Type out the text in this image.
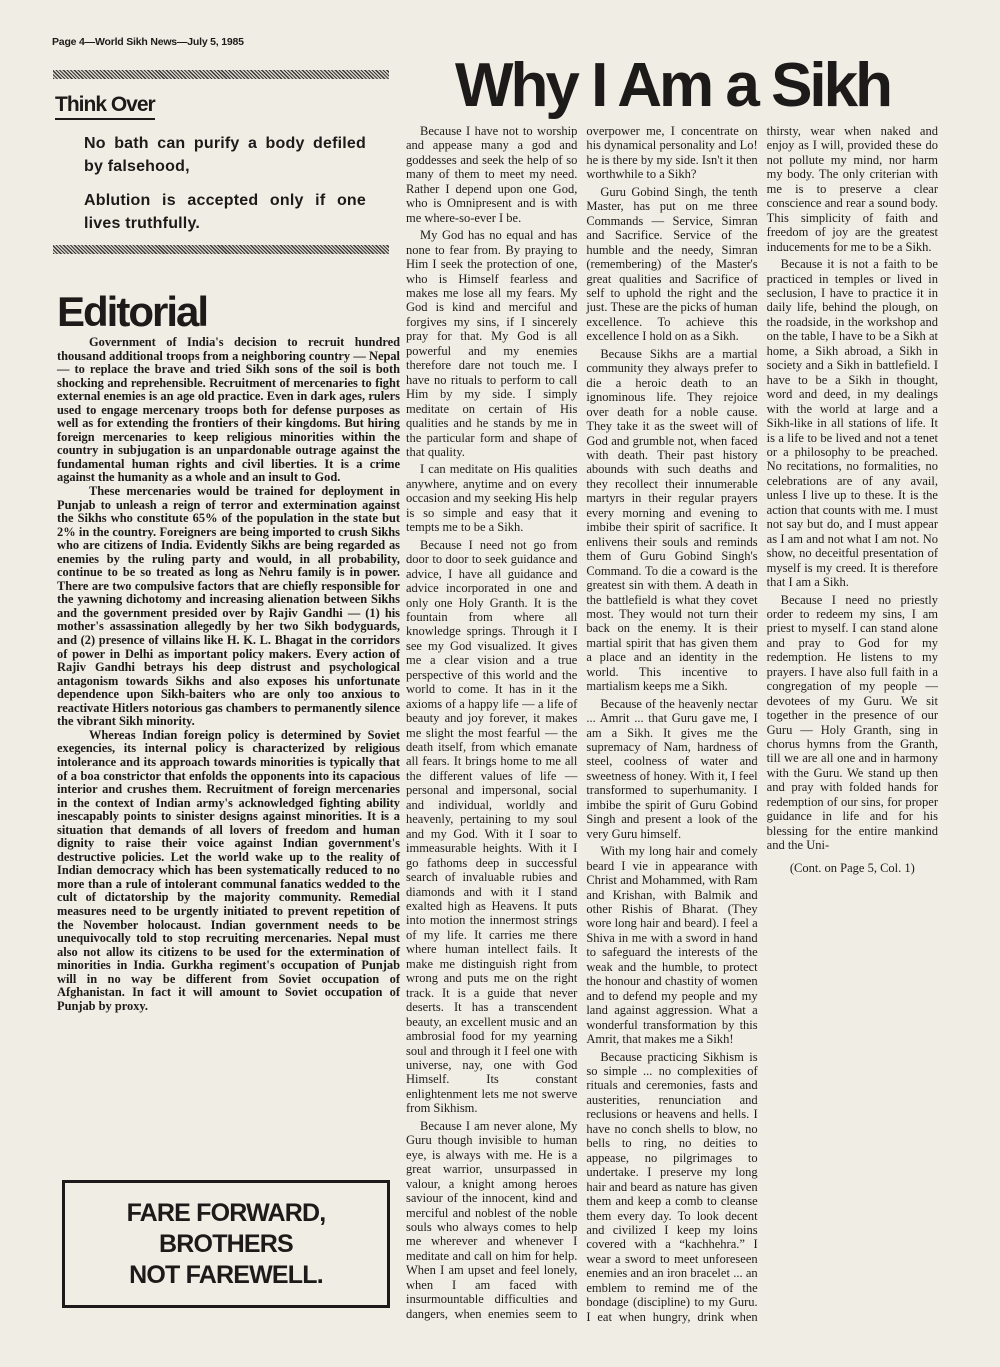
Page 4—World Sikh News—July 5, 1985
Think Over
No bath can purify a body defiled by falsehood,
Ablution is accepted only if one lives truthfully.
Editorial

Government of India's decision to recruit hundred thousand additional troops from a neighboring country — Nepal — to replace the brave and tried Sikh sons of the soil is both shocking and reprehensible. Recruitment of mercenaries to fight external enemies is an age old practice. Even in dark ages, rulers used to engage mercenary troops both for defense purposes as well as for extending the frontiers of their kingdoms. But hiring foreign mercenaries to keep religious minorities within the country in subjugation is an unpardonable outrage against the fundamental human rights and civil liberties. It is a crime against the humanity as a whole and an insult to God.

These mercenaries would be trained for deployment in Punjab to unleash a reign of terror and extermination against the Sikhs who constitute 65% of the population in the state but 2% in the country. Foreigners are being imported to crush Sikhs who are citizens of India. Evidently Sikhs are being regarded as enemies by the ruling party and would, in all probability, continue to be so treated as long as Nehru family is in power. There are two compulsive factors that are chiefly responsible for the yawning dichotomy and increasing alienation between Sikhs and the government presided over by Rajiv Gandhi — (1) his mother's assassination allegedly by her two Sikh bodyguards, and (2) presence of villains like H. K. L. Bhagat in the corridors of power in Delhi as important policy makers. Every action of Rajiv Gandhi betrays his deep distrust and psychological antagonism towards Sikhs and also exposes his unfortunate dependence upon Sikh-baiters who are only too anxious to reactivate Hitlers notorious gas chambers to permanently silence the vibrant Sikh minority.

Whereas Indian foreign policy is determined by Soviet exegencies, its internal policy is characterized by religious intolerance and its approach towards minorities is typically that of a boa constrictor that enfolds the opponents into its capacious interior and crushes them. Recruitment of foreign mercenaries in the context of Indian army's acknowledged fighting ability inescapably points to sinister designs against minorities. It is a situation that demands of all lovers of freedom and human dignity to raise their voice against Indian government's destructive policies. Let the world wake up to the reality of Indian democracy which has been systematically reduced to no more than a rule of intolerant communal fanatics wedded to the cult of dictatorship by the majority community. Remedial measures need to be urgently initiated to prevent repetition of the November holocaust. Indian government needs to be unequivocally told to stop recruiting mercenaries. Nepal must also not allow its citizens to be used for the extermination of minorities in India. Gurkha regiment's occupation of Punjab will in no way be different from Soviet occupation of Afghanistan. In fact it will amount to Soviet occupation of Punjab by proxy.

FARE FORWARD,
BROTHERS
NOT FAREWELL.
Why I Am a Sikh

Because I have not to worship and appease many a god and goddesses and seek the help of so many of them to meet my need. Rather I depend upon one God, who is Omnipresent and is with me where-so-ever I be.

My God has no equal and has none to fear from. By praying to Him I seek the protection of one, who is Himself fearless and makes me lose all my fears. My God is kind and merciful and forgives my sins, if I sincerely pray for that. My God is all powerful and my enemies therefore dare not touch me. I have no rituals to perform to call Him by my side. I simply meditate on certain of His qualities and he stands by me in the particular form and shape of that quality.

I can meditate on His qualities anywhere, anytime and on every occasion and my seeking His help is so simple and easy that it tempts me to be a Sikh.

Because I need not go from door to door to seek guidance and advice, I have all guidance and advice incorporated in one and only one Holy Granth. It is the fountain from where all knowledge springs. Through it I see my God visualized. It gives me a clear vision and a true perspective of this world and the world to come. It has in it the axioms of a happy life — a life of beauty and joy forever, it makes me slight the most fearful — the death itself, from which emanate all fears. It brings home to me all the different values of life — personal and impersonal, social and individual, worldly and heavenly, pertaining to my soul and my God. With it I soar to immeasurable heights. With it I go fathoms deep in successful search of invaluable rubies and diamonds and with it I stand exalted high as Heavens. It puts into motion the innermost strings of my life. It carries me there where human intellect fails. It make me distinguish right from wrong and puts me on the right track. It is a guide that never deserts. It has a transcendent beauty, an excellent music and an ambrosial food for my yearning soul and through it I feel one with universe, nay, one with God Himself. Its constant enlightenment lets me not swerve from Sikhism.

Because I am never alone, My Guru though invisible to human eye, is always with me. He is a great warrior, unsurpassed in valour, a knight among heroes saviour of the innocent, kind and merciful and noblest of the noble souls who always comes to help me wherever and whenever I meditate and call on him for help. When I am upset and feel lonely, when I am faced with insurmountable difficulties and dangers, when enemies seem to overpower me, I concentrate on his dynamical personality and Lo! he is there by my side. Isn't it then worthwhile to a Sikh?

Guru Gobind Singh, the tenth Master, has put on me three Commands — Service, Simran and Sacrifice. Service of the humble and the needy, Simran (remembering) of the Master's great qualities and Sacrifice of self to uphold the right and the just. These are the picks of human excellence. To achieve this excellence I hold on as a Sikh.

Because Sikhs are a martial community they always prefer to die a heroic death to an ignominous life. They rejoice over death for a noble cause. They take it as the sweet will of God and grumble not, when faced with death. Their past history abounds with such deaths and they recollect their innumerable martyrs in their regular prayers every morning and evening to imbibe their spirit of sacrifice. It enlivens their souls and reminds them of Guru Gobind Singh's Command. To die a coward is the greatest sin with them. A death in the battlefield is what they covet most. They would not turn their back on the enemy. It is their martial spirit that has given them a place and an identity in the world. This incentive to martialism keeps me a Sikh.

Because of the heavenly nectar ... Amrit ... that Guru gave me, I am a Sikh. It gives me the supremacy of Nam, hardness of steel, coolness of water and sweetness of honey. With it, I feel transformed to superhumanity. I imbibe the spirit of Guru Gobind Singh and present a look of the very Guru himself.

With my long hair and comely beard I vie in appearance with Christ and Mohammed, with Ram and Krishan, with Balmik and other Rishis of Bharat. (They wore long hair and beard). I feel a Shiva in me with a sword in hand to safeguard the interests of the weak and the humble, to protect the honour and chastity of women and to defend my people and my land against aggression. What a wonderful transformation by this Amrit, that makes me a Sikh!

Because practicing Sikhism is so simple ... no complexities of rituals and ceremonies, fasts and austerities, renunciation and reclusions or heavens and hells. I have no conch shells to blow, no bells to ring, no deities to appease, no pilgrimages to undertake. I preserve my long hair and beard as nature has given them and keep a comb to cleanse them every day. To look decent and civilized I keep my loins covered with a “kachhehra.” I wear a sword to meet unforeseen enemies and an iron bracelet ... an emblem to remind me of the bondage (discipline) to my Guru. I eat when hungry, drink when thirsty, wear when naked and enjoy as I will, provided these do not pollute my mind, nor harm my body. The only criterian with me is to preserve a clear conscience and rear a sound body. This simplicity of faith and freedom of joy are the greatest inducements for me to be a Sikh.

Because it is not a faith to be practiced in temples or lived in seclusion, I have to practice it in daily life, behind the plough, on the roadside, in the workshop and on the table, I have to be a Sikh at home, a Sikh abroad, a Sikh in society and a Sikh in battlefield. I have to be a Sikh in thought, word and deed, in my dealings with the world at large and a Sikh-like in all stations of life. It is a life to be lived and not a tenet or a philosophy to be preached. No recitations, no formalities, no celebrations are of any avail, unless I live up to these. It is the action that counts with me. I must not say but do, and I must appear as I am and not what I am not. No show, no deceitful presentation of myself is my creed. It is therefore that I am a Sikh.

Because I need no priestly order to redeem my sins, I am priest to myself. I can stand alone and pray to God for my redemption. He listens to my prayers. I have also full faith in a congregation of my people — devotees of my Guru. We sit together in the presence of our Guru — Holy Granth, sing in chorus hymns from the Granth, till we are all one and in harmony with the Guru. We stand up then and pray with folded hands for redemption of our sins, for proper guidance in life and for his blessing for the entire mankind and the Uni-

(Cont. on Page 5, Col. 1)
